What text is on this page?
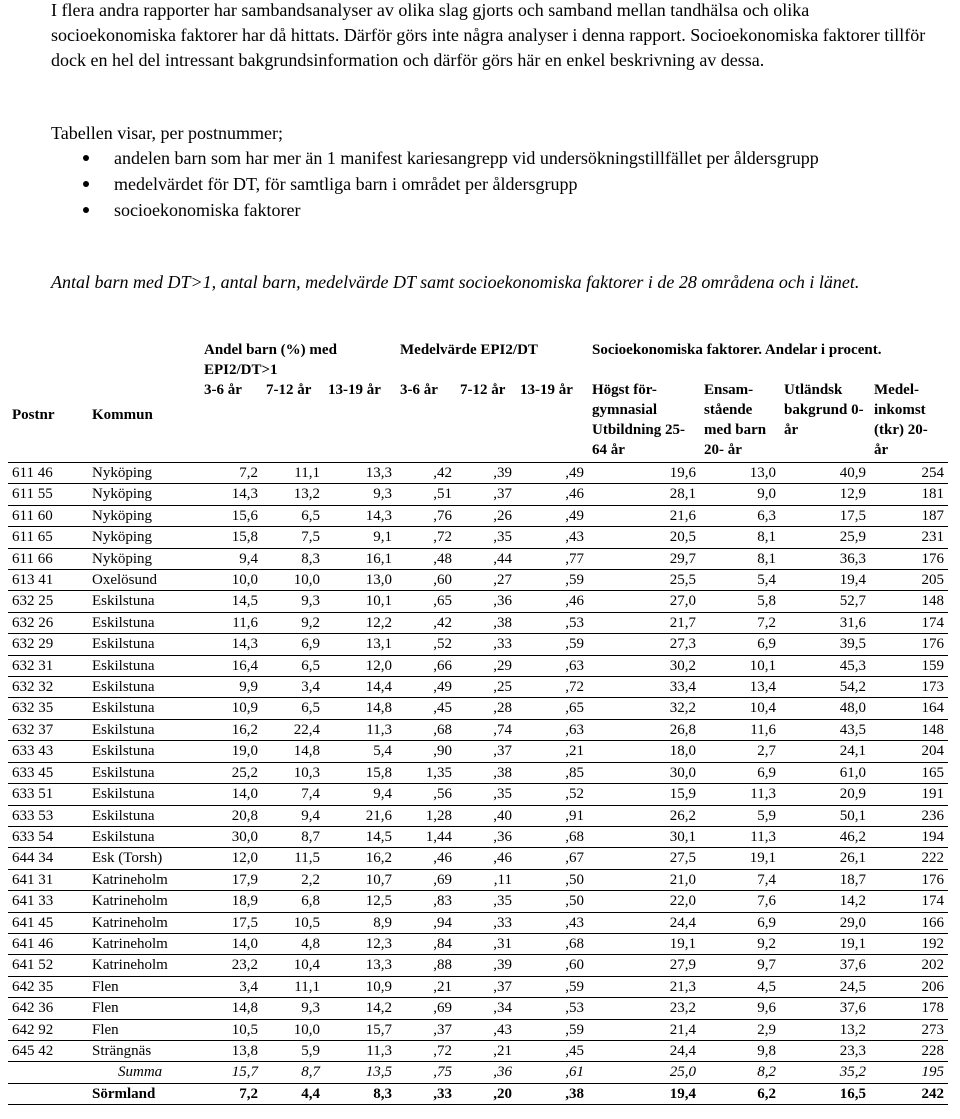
I flera andra rapporter har sambandsanalyser av olika slag gjorts och samband mellan tandhälsa och olika socioekonomiska faktorer har då hittats. Därför görs inte några analyser i denna rapport. Socioekonomiska faktorer tillför dock en hel del intressant bakgrundsinformation och därför görs här en enkel beskrivning av dessa.

Tabellen visar, per postnummer;
andelen barn som har mer än 1 manifest kariesangrepp vid undersökningstillfället per åldersgrupp
medelvärdet för DT, för samtliga barn i området per åldersgrupp
socioekonomiska faktorer
Antal barn med DT>1, antal barn, medelvärde DT samt socioekonomiska faktorer i de 28 områdena och i länet.
Postnr	Kommun	Andel barn (%) med EPI2/DT>1			Medelvärde EPI2/DT			Socioekonomiska faktorer. Andelar i procent.			
		3-6 år	7-12 år	13-19 år	3-6 år	7-12 år	13-19 år	Högst för-gymnasial Utbildning 25-64 år	Ensam-stående med barn 20- år	Utländsk bakgrund 0- år	Medel-inkomst (tkr) 20- år
611 46	Nyköping	7,2	11,1	13,3	,42	,39	,49	19,6	13,0	40,9	254
611 55	Nyköping	14,3	13,2	9,3	,51	,37	,46	28,1	9,0	12,9	181
611 60	Nyköping	15,6	6,5	14,3	,76	,26	,49	21,6	6,3	17,5	187
611 65	Nyköping	15,8	7,5	9,1	,72	,35	,43	20,5	8,1	25,9	231
611 66	Nyköping	9,4	8,3	16,1	,48	,44	,77	29,7	8,1	36,3	176
613 41	Oxelösund	10,0	10,0	13,0	,60	,27	,59	25,5	5,4	19,4	205
632 25	Eskilstuna	14,5	9,3	10,1	,65	,36	,46	27,0	5,8	52,7	148
632 26	Eskilstuna	11,6	9,2	12,2	,42	,38	,53	21,7	7,2	31,6	174
632 29	Eskilstuna	14,3	6,9	13,1	,52	,33	,59	27,3	6,9	39,5	176
632 31	Eskilstuna	16,4	6,5	12,0	,66	,29	,63	30,2	10,1	45,3	159
632 32	Eskilstuna	9,9	3,4	14,4	,49	,25	,72	33,4	13,4	54,2	173
632 35	Eskilstuna	10,9	6,5	14,8	,45	,28	,65	32,2	10,4	48,0	164
632 37	Eskilstuna	16,2	22,4	11,3	,68	,74	,63	26,8	11,6	43,5	148
633 43	Eskilstuna	19,0	14,8	5,4	,90	,37	,21	18,0	2,7	24,1	204
633 45	Eskilstuna	25,2	10,3	15,8	1,35	,38	,85	30,0	6,9	61,0	165
633 51	Eskilstuna	14,0	7,4	9,4	,56	,35	,52	15,9	11,3	20,9	191
633 53	Eskilstuna	20,8	9,4	21,6	1,28	,40	,91	26,2	5,9	50,1	236
633 54	Eskilstuna	30,0	8,7	14,5	1,44	,36	,68	30,1	11,3	46,2	194
644 34	Esk (Torsh)	12,0	11,5	16,2	,46	,46	,67	27,5	19,1	26,1	222
641 31	Katrineholm	17,9	2,2	10,7	,69	,11	,50	21,0	7,4	18,7	176
641 33	Katrineholm	18,9	6,8	12,5	,83	,35	,50	22,0	7,6	14,2	174
641 45	Katrineholm	17,5	10,5	8,9	,94	,33	,43	24,4	6,9	29,0	166
641 46	Katrineholm	14,0	4,8	12,3	,84	,31	,68	19,1	9,2	19,1	192
641 52	Katrineholm	23,2	10,4	13,3	,88	,39	,60	27,9	9,7	37,6	202
642 35	Flen	3,4	11,1	10,9	,21	,37	,59	21,3	4,5	24,5	206
642 36	Flen	14,8	9,3	14,2	,69	,34	,53	23,2	9,6	37,6	178
642 92	Flen	10,5	10,0	15,7	,37	,43	,59	21,4	2,9	13,2	273
645 42	Strängnäs	13,8	5,9	11,3	,72	,21	,45	24,4	9,8	23,3	228
	Summa	15,7	8,7	13,5	,75	,36	,61	25,0	8,2	35,2	195
	Sörmland	7,2	4,4	8,3	,33	,20	,38	19,4	6,2	16,5	242
